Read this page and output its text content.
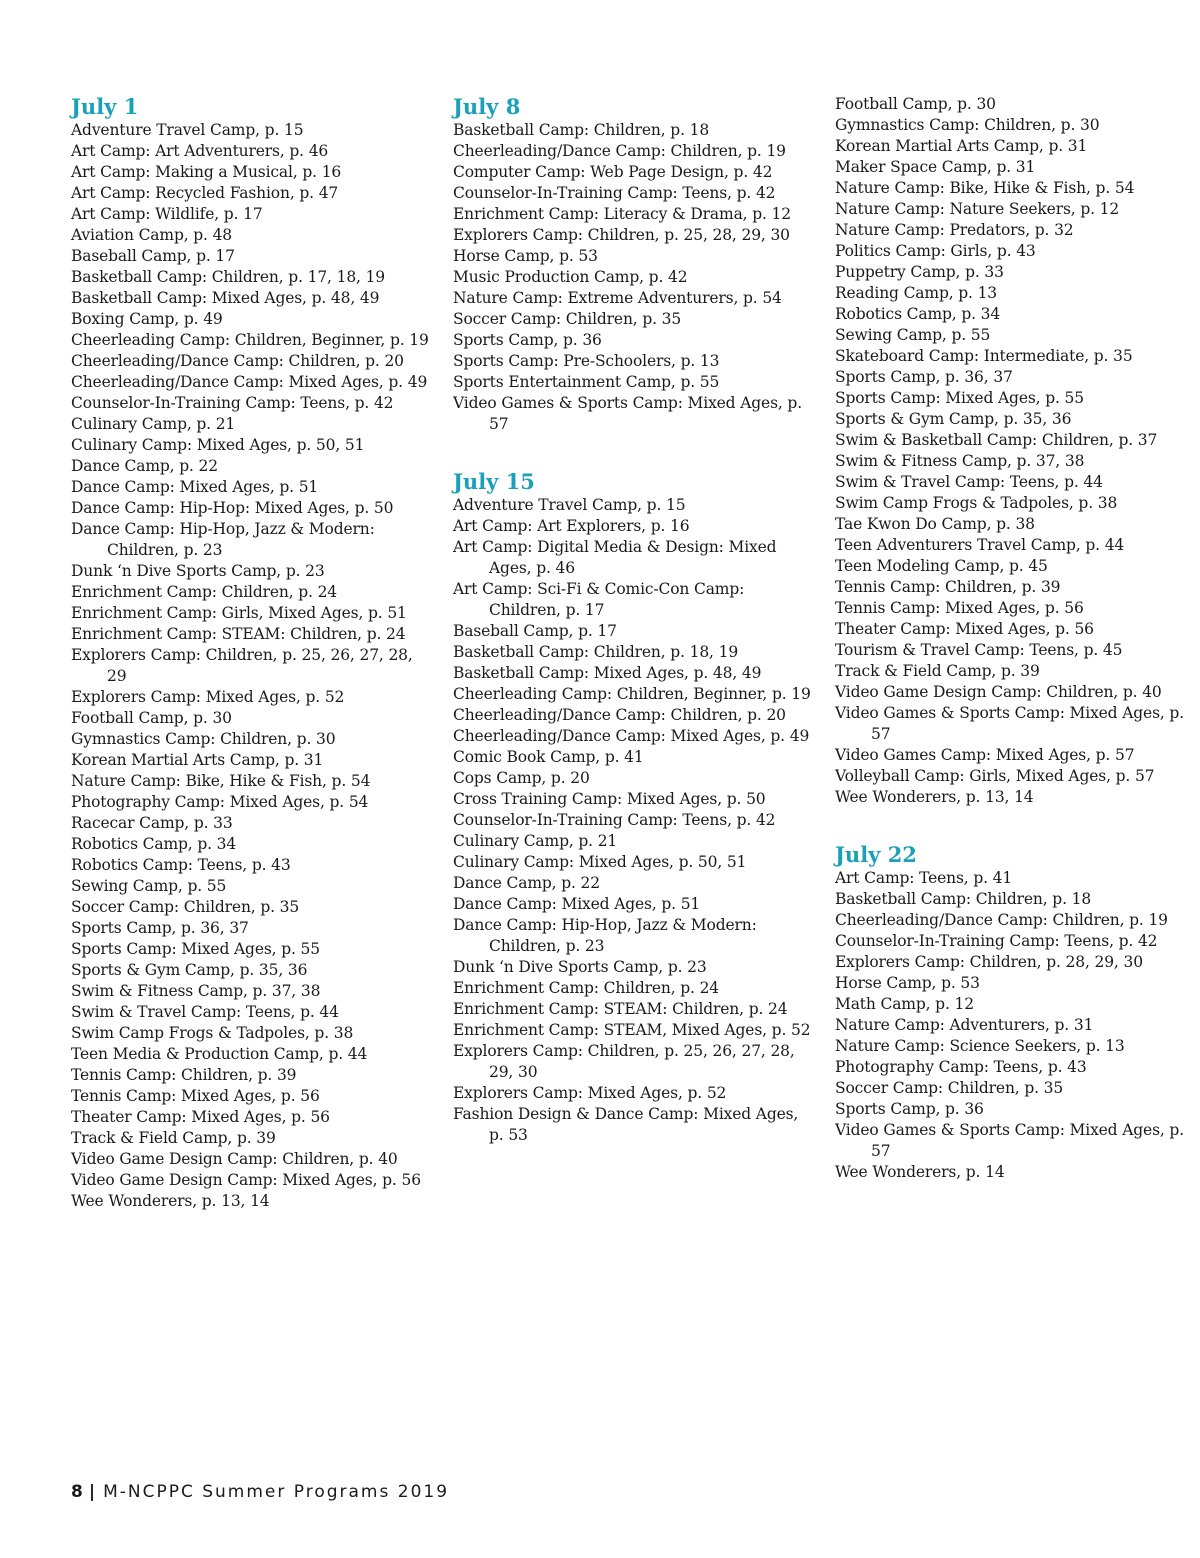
July 1
Adventure Travel Camp, p. 15
Art Camp: Art Adventurers, p. 46
Art Camp: Making a Musical, p. 16
Art Camp: Recycled Fashion, p. 47
Art Camp: Wildlife, p. 17
Aviation Camp, p. 48
Baseball Camp, p. 17
Basketball Camp: Children, p. 17, 18, 19
Basketball Camp: Mixed Ages, p. 48, 49
Boxing Camp, p. 49
Cheerleading Camp: Children, Beginner, p. 19
Cheerleading/Dance Camp: Children, p. 20
Cheerleading/Dance Camp: Mixed Ages, p. 49
Counselor-In-Training Camp: Teens, p. 42
Culinary Camp, p. 21
Culinary Camp: Mixed Ages, p. 50, 51
Dance Camp, p. 22
Dance Camp: Mixed Ages, p. 51
Dance Camp: Hip-Hop: Mixed Ages, p. 50
Dance Camp: Hip-Hop, Jazz & Modern: Children, p. 23
Dunk ‘n Dive Sports Camp, p. 23
Enrichment Camp: Children, p. 24
Enrichment Camp: Girls, Mixed Ages, p. 51
Enrichment Camp: STEAM: Children, p. 24
Explorers Camp: Children, p. 25, 26, 27, 28, 29
Explorers Camp: Mixed Ages, p. 52
Football Camp, p. 30
Gymnastics Camp: Children, p. 30
Korean Martial Arts Camp, p. 31
Nature Camp: Bike, Hike & Fish, p. 54
Photography Camp: Mixed Ages, p. 54
Racecar Camp, p. 33
Robotics Camp, p. 34
Robotics Camp: Teens, p. 43
Sewing Camp, p. 55
Soccer Camp: Children, p. 35
Sports Camp, p. 36, 37
Sports Camp: Mixed Ages, p. 55
Sports & Gym Camp, p. 35, 36
Swim & Fitness Camp, p. 37, 38
Swim & Travel Camp: Teens, p. 44
Swim Camp Frogs & Tadpoles, p. 38
Teen Media & Production Camp, p. 44
Tennis Camp: Children, p. 39
Tennis Camp: Mixed Ages, p. 56
Theater Camp: Mixed Ages, p. 56
Track & Field Camp, p. 39
Video Game Design Camp: Children, p. 40
Video Game Design Camp: Mixed Ages, p. 56
Wee Wonderers, p. 13, 14
July 8
Basketball Camp: Children, p. 18
Cheerleading/Dance Camp: Children, p. 19
Computer Camp: Web Page Design, p. 42
Counselor-In-Training Camp: Teens, p. 42
Enrichment Camp: Literacy & Drama, p. 12
Explorers Camp: Children, p. 25, 28, 29, 30
Horse Camp, p. 53
Music Production Camp, p. 42
Nature Camp: Extreme Adventurers, p. 54
Soccer Camp: Children, p. 35
Sports Camp, p. 36
Sports Camp: Pre-Schoolers, p. 13
Sports Entertainment Camp, p. 55
Video Games & Sports Camp: Mixed Ages, p. 57
July 15
Adventure Travel Camp, p. 15
Art Camp: Art Explorers, p. 16
Art Camp: Digital Media & Design: Mixed Ages, p. 46
Art Camp: Sci-Fi & Comic-Con Camp: Children, p. 17
Baseball Camp, p. 17
Basketball Camp: Children, p. 18, 19
Basketball Camp: Mixed Ages, p. 48, 49
Cheerleading Camp: Children, Beginner, p. 19
Cheerleading/Dance Camp: Children, p. 20
Cheerleading/Dance Camp: Mixed Ages, p. 49
Comic Book Camp, p. 41
Cops Camp, p. 20
Cross Training Camp: Mixed Ages, p. 50
Counselor-In-Training Camp: Teens, p. 42
Culinary Camp, p. 21
Culinary Camp: Mixed Ages, p. 50, 51
Dance Camp, p. 22
Dance Camp: Mixed Ages, p. 51
Dance Camp: Hip-Hop, Jazz & Modern: Children, p. 23
Dunk ‘n Dive Sports Camp, p. 23
Enrichment Camp: Children, p. 24
Enrichment Camp: STEAM: Children, p. 24
Enrichment Camp: STEAM, Mixed Ages, p. 52
Explorers Camp: Children, p. 25, 26, 27, 28, 29, 30
Explorers Camp: Mixed Ages, p. 52
Fashion Design & Dance Camp: Mixed Ages, p. 53
Football Camp, p. 30
Gymnastics Camp: Children, p. 30
Korean Martial Arts Camp, p. 31
Maker Space Camp, p. 31
Nature Camp: Bike, Hike & Fish, p. 54
Nature Camp: Nature Seekers, p. 12
Nature Camp: Predators, p. 32
Politics Camp: Girls, p. 43
Puppetry Camp, p. 33
Reading Camp, p. 13
Robotics Camp, p. 34
Sewing Camp, p. 55
Skateboard Camp: Intermediate, p. 35
Sports Camp, p. 36, 37
Sports Camp: Mixed Ages, p. 55
Sports & Gym Camp, p. 35, 36
Swim & Basketball Camp: Children, p. 37
Swim & Fitness Camp, p. 37, 38
Swim & Travel Camp: Teens, p. 44
Swim Camp Frogs & Tadpoles, p. 38
Tae Kwon Do Camp, p. 38
Teen Adventurers Travel Camp, p. 44
Teen Modeling Camp, p. 45
Tennis Camp: Children, p. 39
Tennis Camp: Mixed Ages, p. 56
Theater Camp: Mixed Ages, p. 56
Tourism & Travel Camp: Teens, p. 45
Track & Field Camp, p. 39
Video Game Design Camp: Children, p. 40
Video Games & Sports Camp: Mixed Ages, p. 57
Video Games Camp: Mixed Ages, p. 57
Volleyball Camp: Girls, Mixed Ages, p. 57
Wee Wonderers, p. 13, 14
July 22
Art Camp: Teens, p. 41
Basketball Camp: Children, p. 18
Cheerleading/Dance Camp: Children, p. 19
Counselor-In-Training Camp: Teens, p. 42
Explorers Camp: Children, p. 28, 29, 30
Horse Camp, p. 53
Math Camp, p. 12
Nature Camp: Adventurers, p. 31
Nature Camp: Science Seekers, p. 13
Photography Camp: Teens, p. 43
Soccer Camp: Children, p. 35
Sports Camp, p. 36
Video Games & Sports Camp: Mixed Ages, p. 57
Wee Wonderers, p. 14
8 | M-NCPPC Summer Programs 2019
